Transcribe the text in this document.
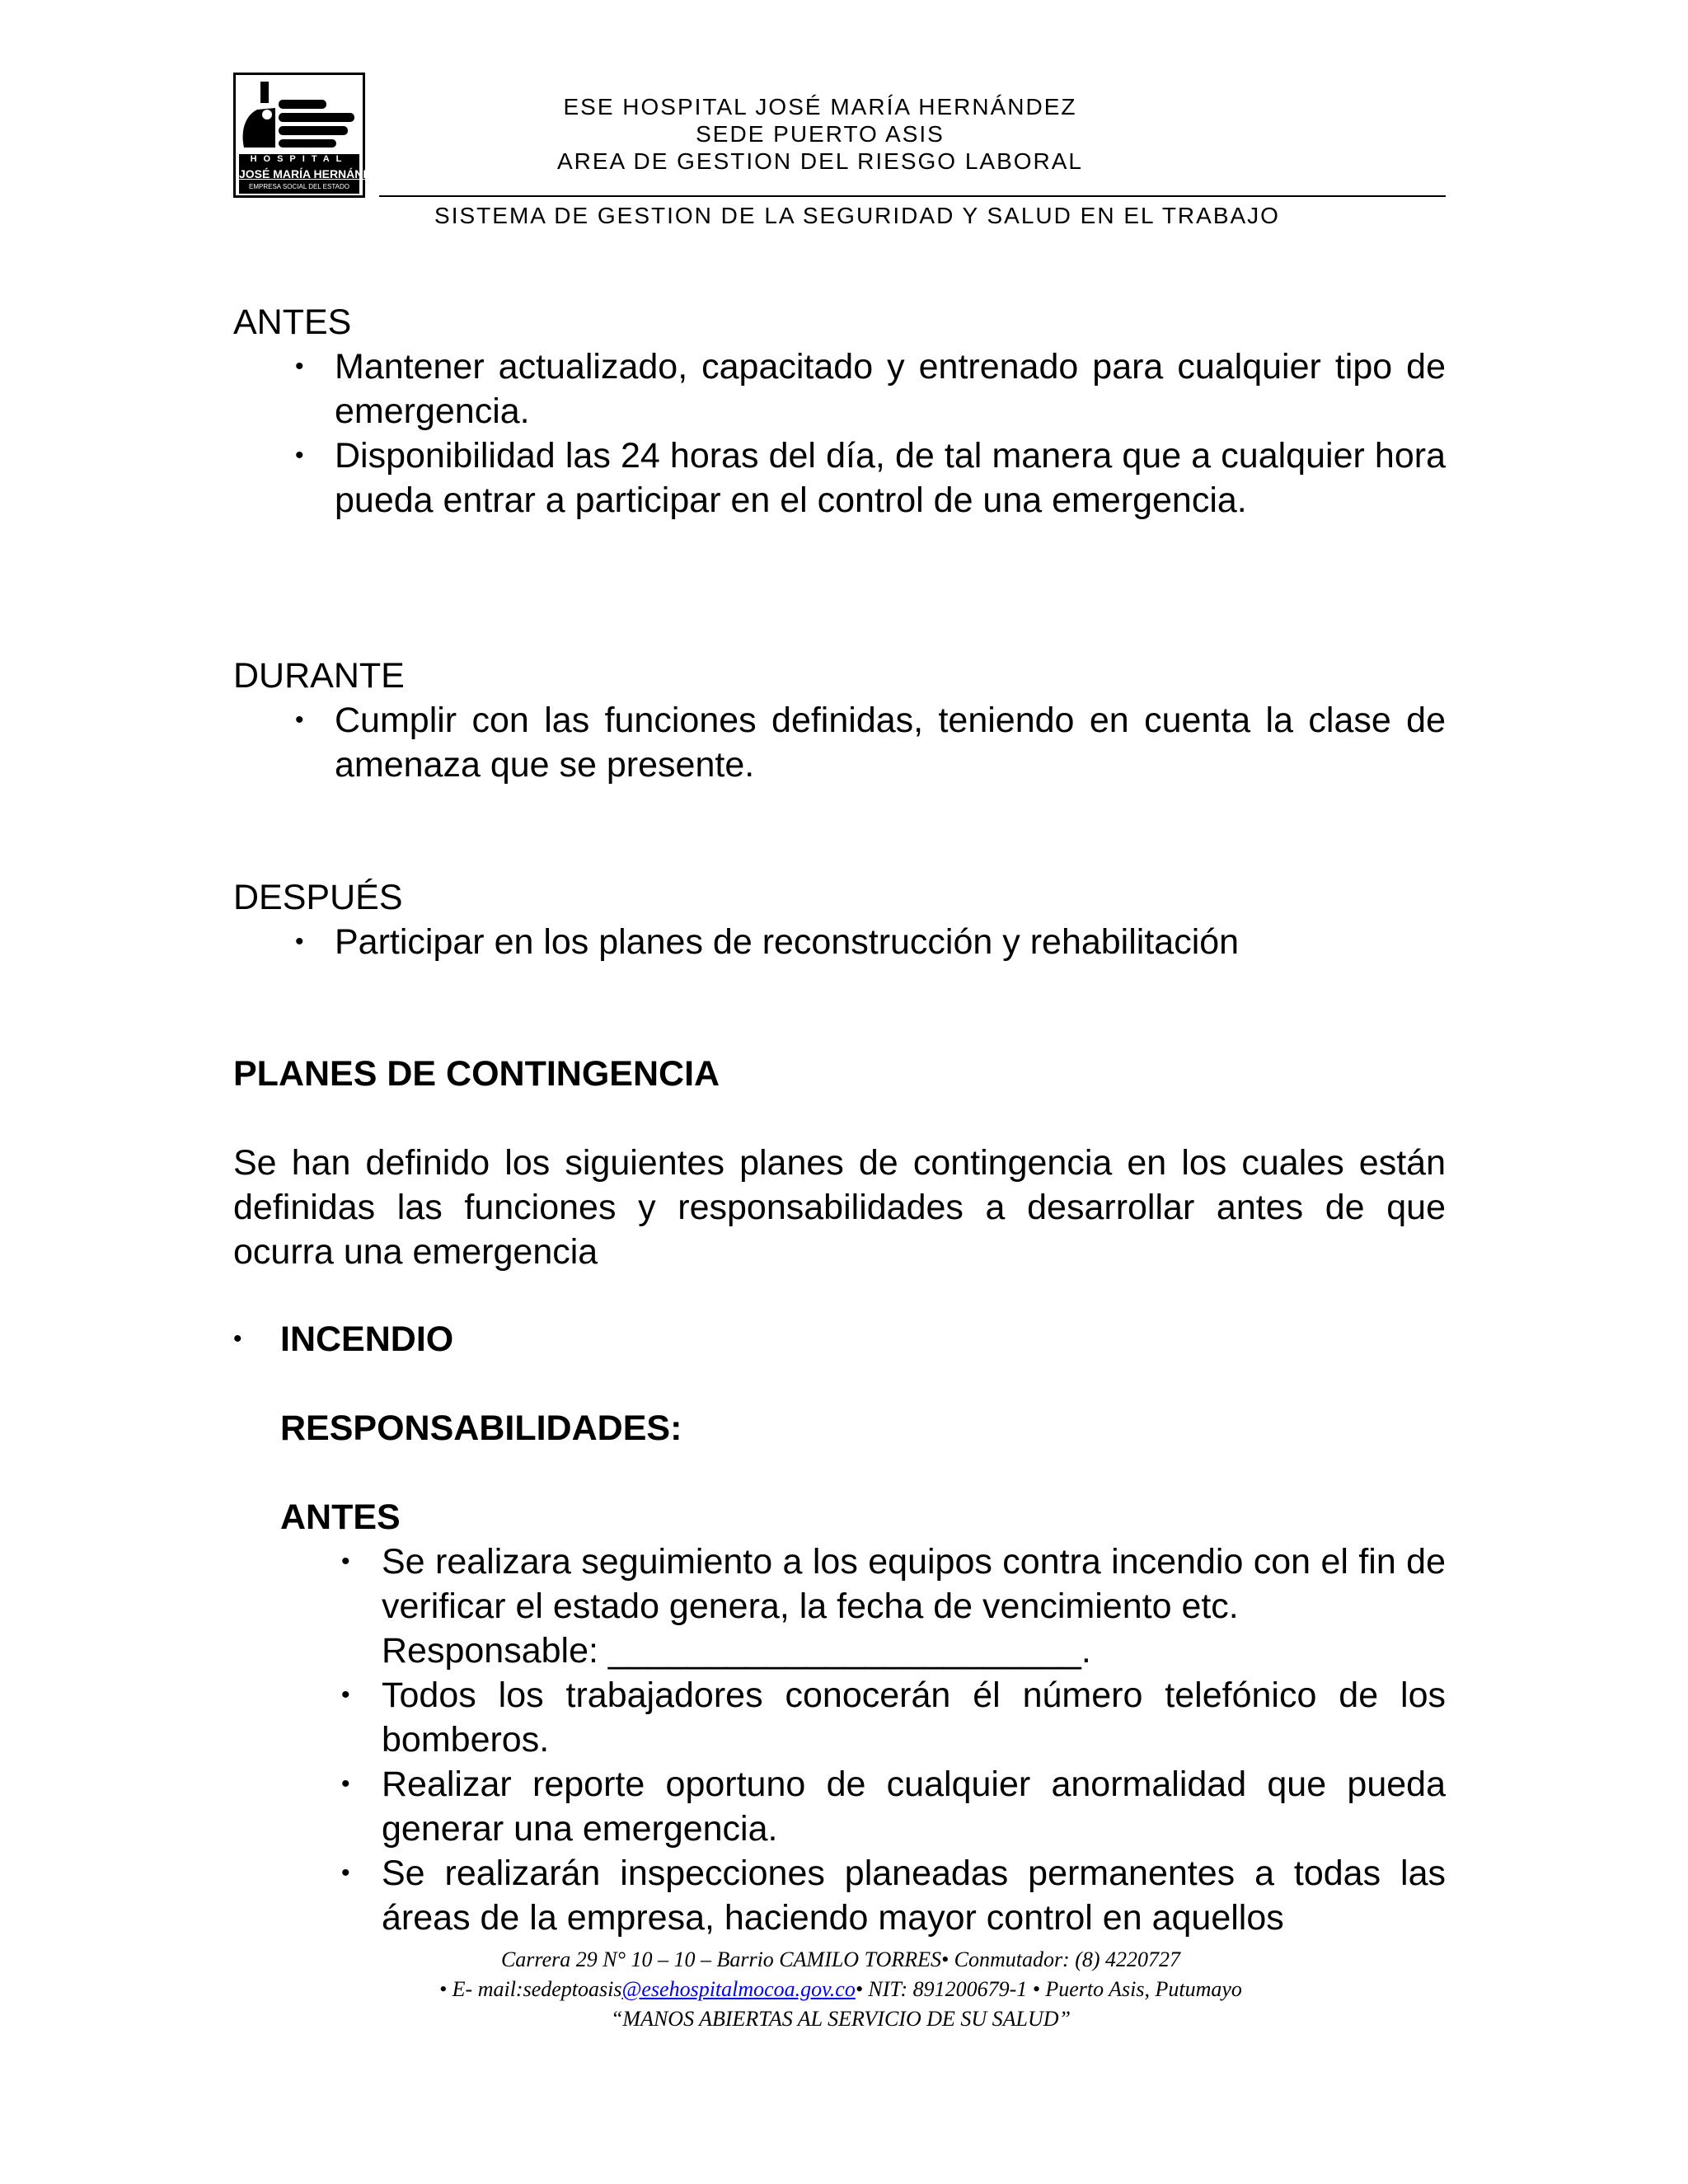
HOSPITAL
JOSÉ MARÍA HERNÁNDEZ
EMPRESA SOCIAL DEL ESTADO
ESE HOSPITAL JOSÉ MARÍA HERNÁNDEZ
SEDE PUERTO ASIS
AREA DE GESTION DEL RIESGO LABORAL
SISTEMA DE GESTION DE LA SEGURIDAD Y SALUD EN EL TRABAJO
ANTES
• Mantener actualizado, capacitado y entrenado para cualquier tipo de emergencia.
• Disponibilidad las 24 horas del día, de tal manera que a cualquier hora pueda entrar a participar en el control de una emergencia.
DURANTE
• Cumplir con las funciones definidas, teniendo en cuenta la clase de amenaza que se presente.
DESPUÉS
• Participar en los planes de reconstrucción y rehabilitación
PLANES DE CONTINGENCIA
Se han definido los siguientes planes de contingencia en los cuales están definidas las funciones y responsabilidades a desarrollar antes de que ocurra una emergencia
• INCENDIO
RESPONSABILIDADES:
ANTES
• Se realizara seguimiento a los equipos contra incendio con el fin de verificar el estado genera, la fecha de vencimiento etc.
Responsable: ________________________.
• Todos los trabajadores conocerán él número telefónico de los bomberos.
• Realizar reporte oportuno de cualquier anormalidad que pueda generar una emergencia.
• Se realizarán inspecciones planeadas permanentes a todas las áreas de la empresa, haciendo mayor control en aquellos
Carrera 29 N° 10 – 10 – Barrio CAMILO TORRES• Conmutador: (8) 4220727
• E- mail:sedeptoasis@esehospitalmocoa.gov.co• NIT: 891200679-1 • Puerto Asis, Putumayo
“MANOS ABIERTAS AL SERVICIO DE SU SALUD”
